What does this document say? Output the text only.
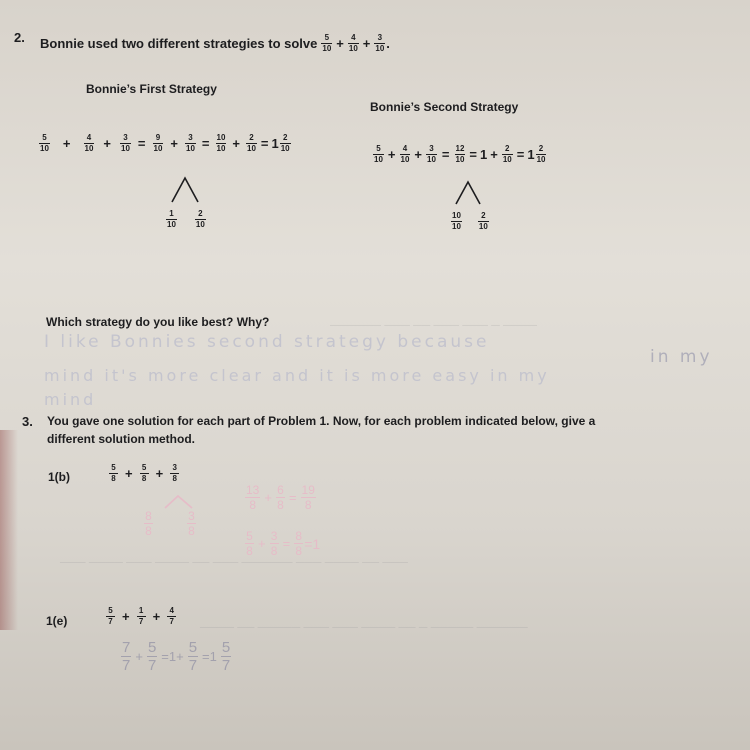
────── ─── ── ─── ─── ─ ────
─── ──── ─── ──── ── ─── ────── ─── ──── ── ───
──── ── ───── ─── ─── ──── ── ─ ───── ──────
2. Bonnie used two different strategies to solve $\frac{5}{10} + \frac{4}{10} + \frac{3}{10}$ .
Bonnie’s First Strategy
Bonnie’s Second Strategy
$\frac{5}{10} + \frac{4}{10} + \frac{3}{10} = \frac{9}{10} + \frac{3}{10} = \frac{10}{10} + \frac{2}{10} = 1 \frac{2}{10}$
$\frac{1}{10} \frac{2}{10}$
$\frac{5}{10} + \frac{4}{10} + \frac{3}{10} = \frac{12}{10} = 1 + \frac{2}{10} = 1 \frac{2}{10}$
$\frac{10}{10} \frac{2}{10}$
Which strategy do you like best? Why?
I like Bonnies second strategy because
in my
mind it's more clear and it is more easy in my
mind
3. You gave one solution for each part of Problem 1. Now, for each problem indicated below, give a
different solution method.
1(b)	$\frac{5}{8} + \frac{5}{8} + \frac{3}{8}$
$\frac{8}{8}$	$\frac{3}{8}$
$\frac{13}{8} + \frac{6}{8} = \frac{19}{8}$
$\frac{5}{8} + \frac{3}{8} = \frac{8}{8} =1$
1(e)	$\frac{5}{7} + \frac{1}{7} + \frac{4}{7}$
$\frac{7}{7} + \frac{5}{7} =1+ \frac{5}{7} =1 \frac{5}{7}$
